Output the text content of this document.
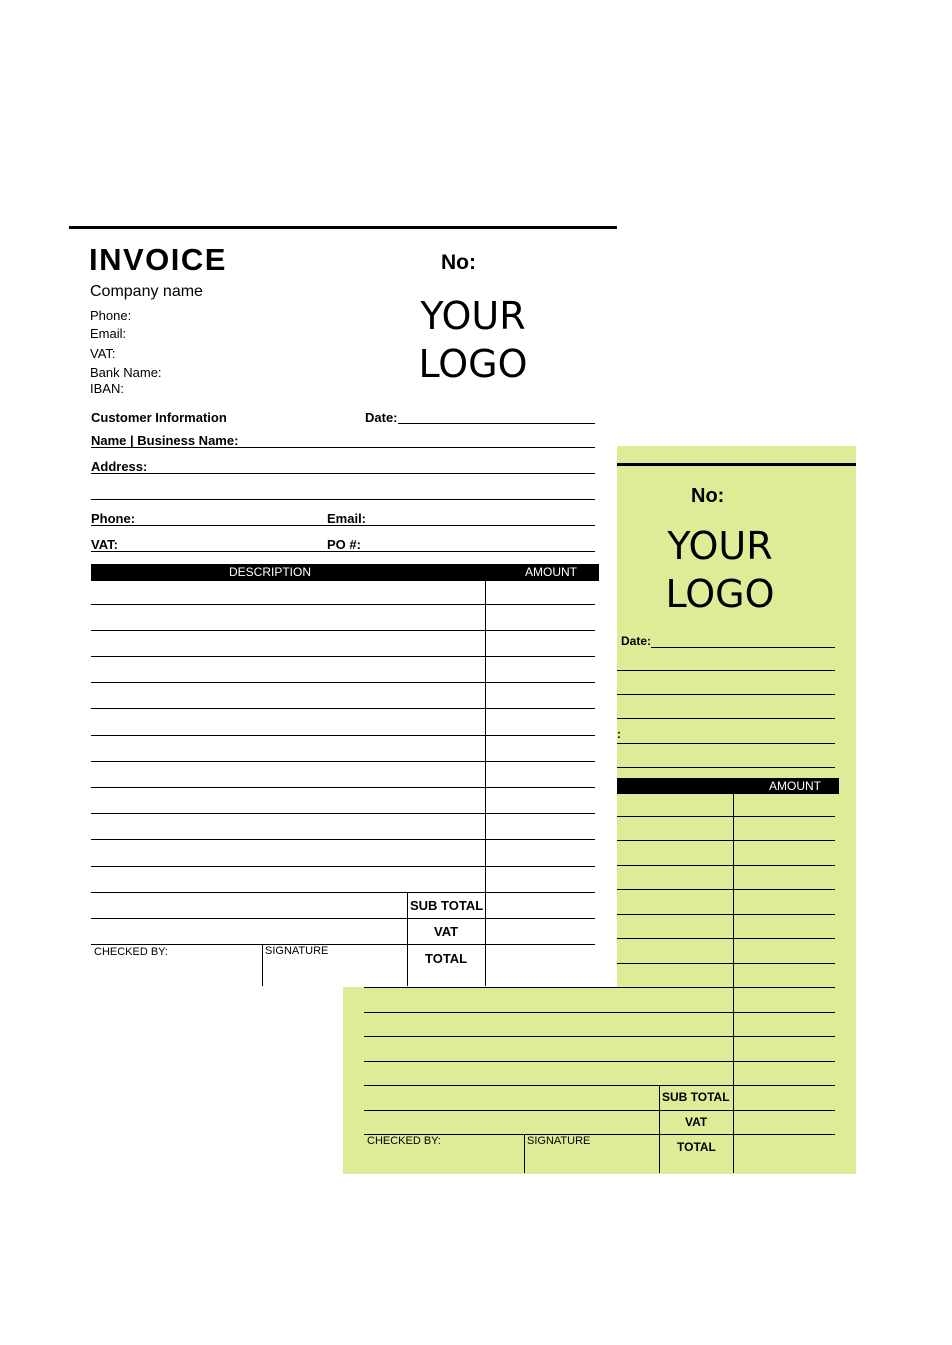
No:
YOUR
LOGO
Date:
:
AMOUNT
SUB TOTAL
VAT
TOTAL
CHECKED BY:	SIGNATURE
INVOICE	No:
YOUR
LOGO
Company name
Phone:
Email:
VAT:
Bank Name:
IBAN:
Customer Information	Date:
Name | Business Name:
Address:
Phone:	Email:
VAT:	PO #:
DESCRIPTION	AMOUNT
SUB TOTAL
VAT
TOTAL
CHECKED BY:	SIGNATURE
